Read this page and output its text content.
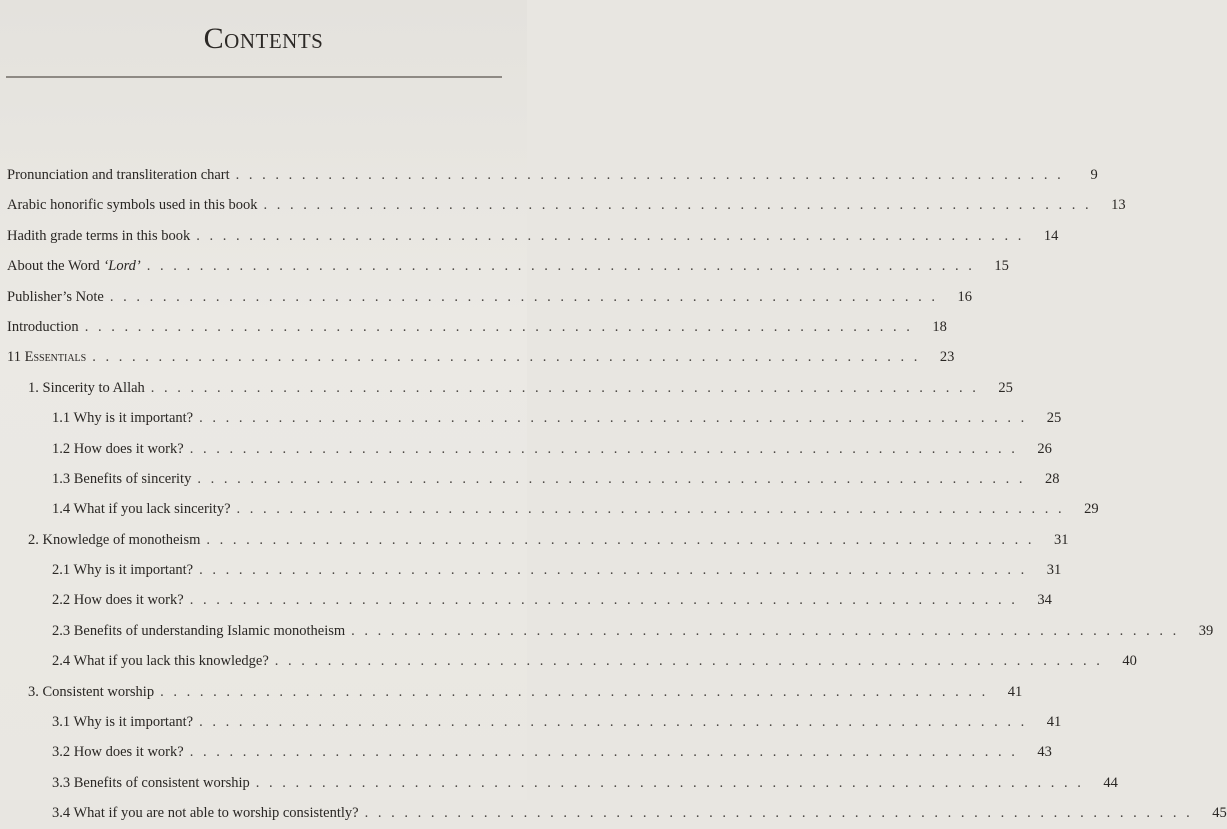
Contents
Pronunciation and transliteration chart . . . . . . . . . . . . . . . . . . . . . . . . . . . . . . . . . . . . . . . . . . . . . . . . . . . . . . . . . . . . . . .	9
Arabic honorific symbols used in this book . . . . . . . . . . . . . . . . . . . . . . . . . . . . . . . . . . . . . . . . . . . . . . . . . . . . . . . . . . . . . . .	13
Hadith grade terms in this book . . . . . . . . . . . . . . . . . . . . . . . . . . . . . . . . . . . . . . . . . . . . . . . . . . . . . . . . . . . . . . .	14
About the Word ‘Lord’ . . . . . . . . . . . . . . . . . . . . . . . . . . . . . . . . . . . . . . . . . . . . . . . . . . . . . . . . . . . . . . .	15
Publisher’s Note . . . . . . . . . . . . . . . . . . . . . . . . . . . . . . . . . . . . . . . . . . . . . . . . . . . . . . . . . . . . . . .	16
Introduction . . . . . . . . . . . . . . . . . . . . . . . . . . . . . . . . . . . . . . . . . . . . . . . . . . . . . . . . . . . . . . .	18
11 Essentials . . . . . . . . . . . . . . . . . . . . . . . . . . . . . . . . . . . . . . . . . . . . . . . . . . . . . . . . . . . . . . .	23
1. Sincerity to Allah . . . . . . . . . . . . . . . . . . . . . . . . . . . . . . . . . . . . . . . . . . . . . . . . . . . . . . . . . . . . . . .	25
1.1 Why is it important? . . . . . . . . . . . . . . . . . . . . . . . . . . . . . . . . . . . . . . . . . . . . . . . . . . . . . . . . . . . . . . .	25
1.2 How does it work? . . . . . . . . . . . . . . . . . . . . . . . . . . . . . . . . . . . . . . . . . . . . . . . . . . . . . . . . . . . . . . .	26
1.3 Benefits of sincerity . . . . . . . . . . . . . . . . . . . . . . . . . . . . . . . . . . . . . . . . . . . . . . . . . . . . . . . . . . . . . . .	28
1.4 What if you lack sincerity? . . . . . . . . . . . . . . . . . . . . . . . . . . . . . . . . . . . . . . . . . . . . . . . . . . . . . . . . . . . . . . .	29
2. Knowledge of monotheism . . . . . . . . . . . . . . . . . . . . . . . . . . . . . . . . . . . . . . . . . . . . . . . . . . . . . . . . . . . . . . .	31
2.1 Why is it important? . . . . . . . . . . . . . . . . . . . . . . . . . . . . . . . . . . . . . . . . . . . . . . . . . . . . . . . . . . . . . . .	31
2.2 How does it work? . . . . . . . . . . . . . . . . . . . . . . . . . . . . . . . . . . . . . . . . . . . . . . . . . . . . . . . . . . . . . . .	34
2.3 Benefits of understanding Islamic monotheism . . . . . . . . . . . . . . . . . . . . . . . . . . . . . . . . . . . . . . . . . . . . . . . . . . . . . . . . . . . . . . .	39
2.4 What if you lack this knowledge? . . . . . . . . . . . . . . . . . . . . . . . . . . . . . . . . . . . . . . . . . . . . . . . . . . . . . . . . . . . . . . .	40
3. Consistent worship . . . . . . . . . . . . . . . . . . . . . . . . . . . . . . . . . . . . . . . . . . . . . . . . . . . . . . . . . . . . . . .	41
3.1 Why is it important? . . . . . . . . . . . . . . . . . . . . . . . . . . . . . . . . . . . . . . . . . . . . . . . . . . . . . . . . . . . . . . .	41
3.2 How does it work? . . . . . . . . . . . . . . . . . . . . . . . . . . . . . . . . . . . . . . . . . . . . . . . . . . . . . . . . . . . . . . .	43
3.3 Benefits of consistent worship . . . . . . . . . . . . . . . . . . . . . . . . . . . . . . . . . . . . . . . . . . . . . . . . . . . . . . . . . . . . . . .	44
3.4 What if you are not able to worship consistently? . . . . . . . . . . . . . . . . . . . . . . . . . . . . . . . . . . . . . . . . . . . . . . . . . . . . . . . . . . . . . . .	45
